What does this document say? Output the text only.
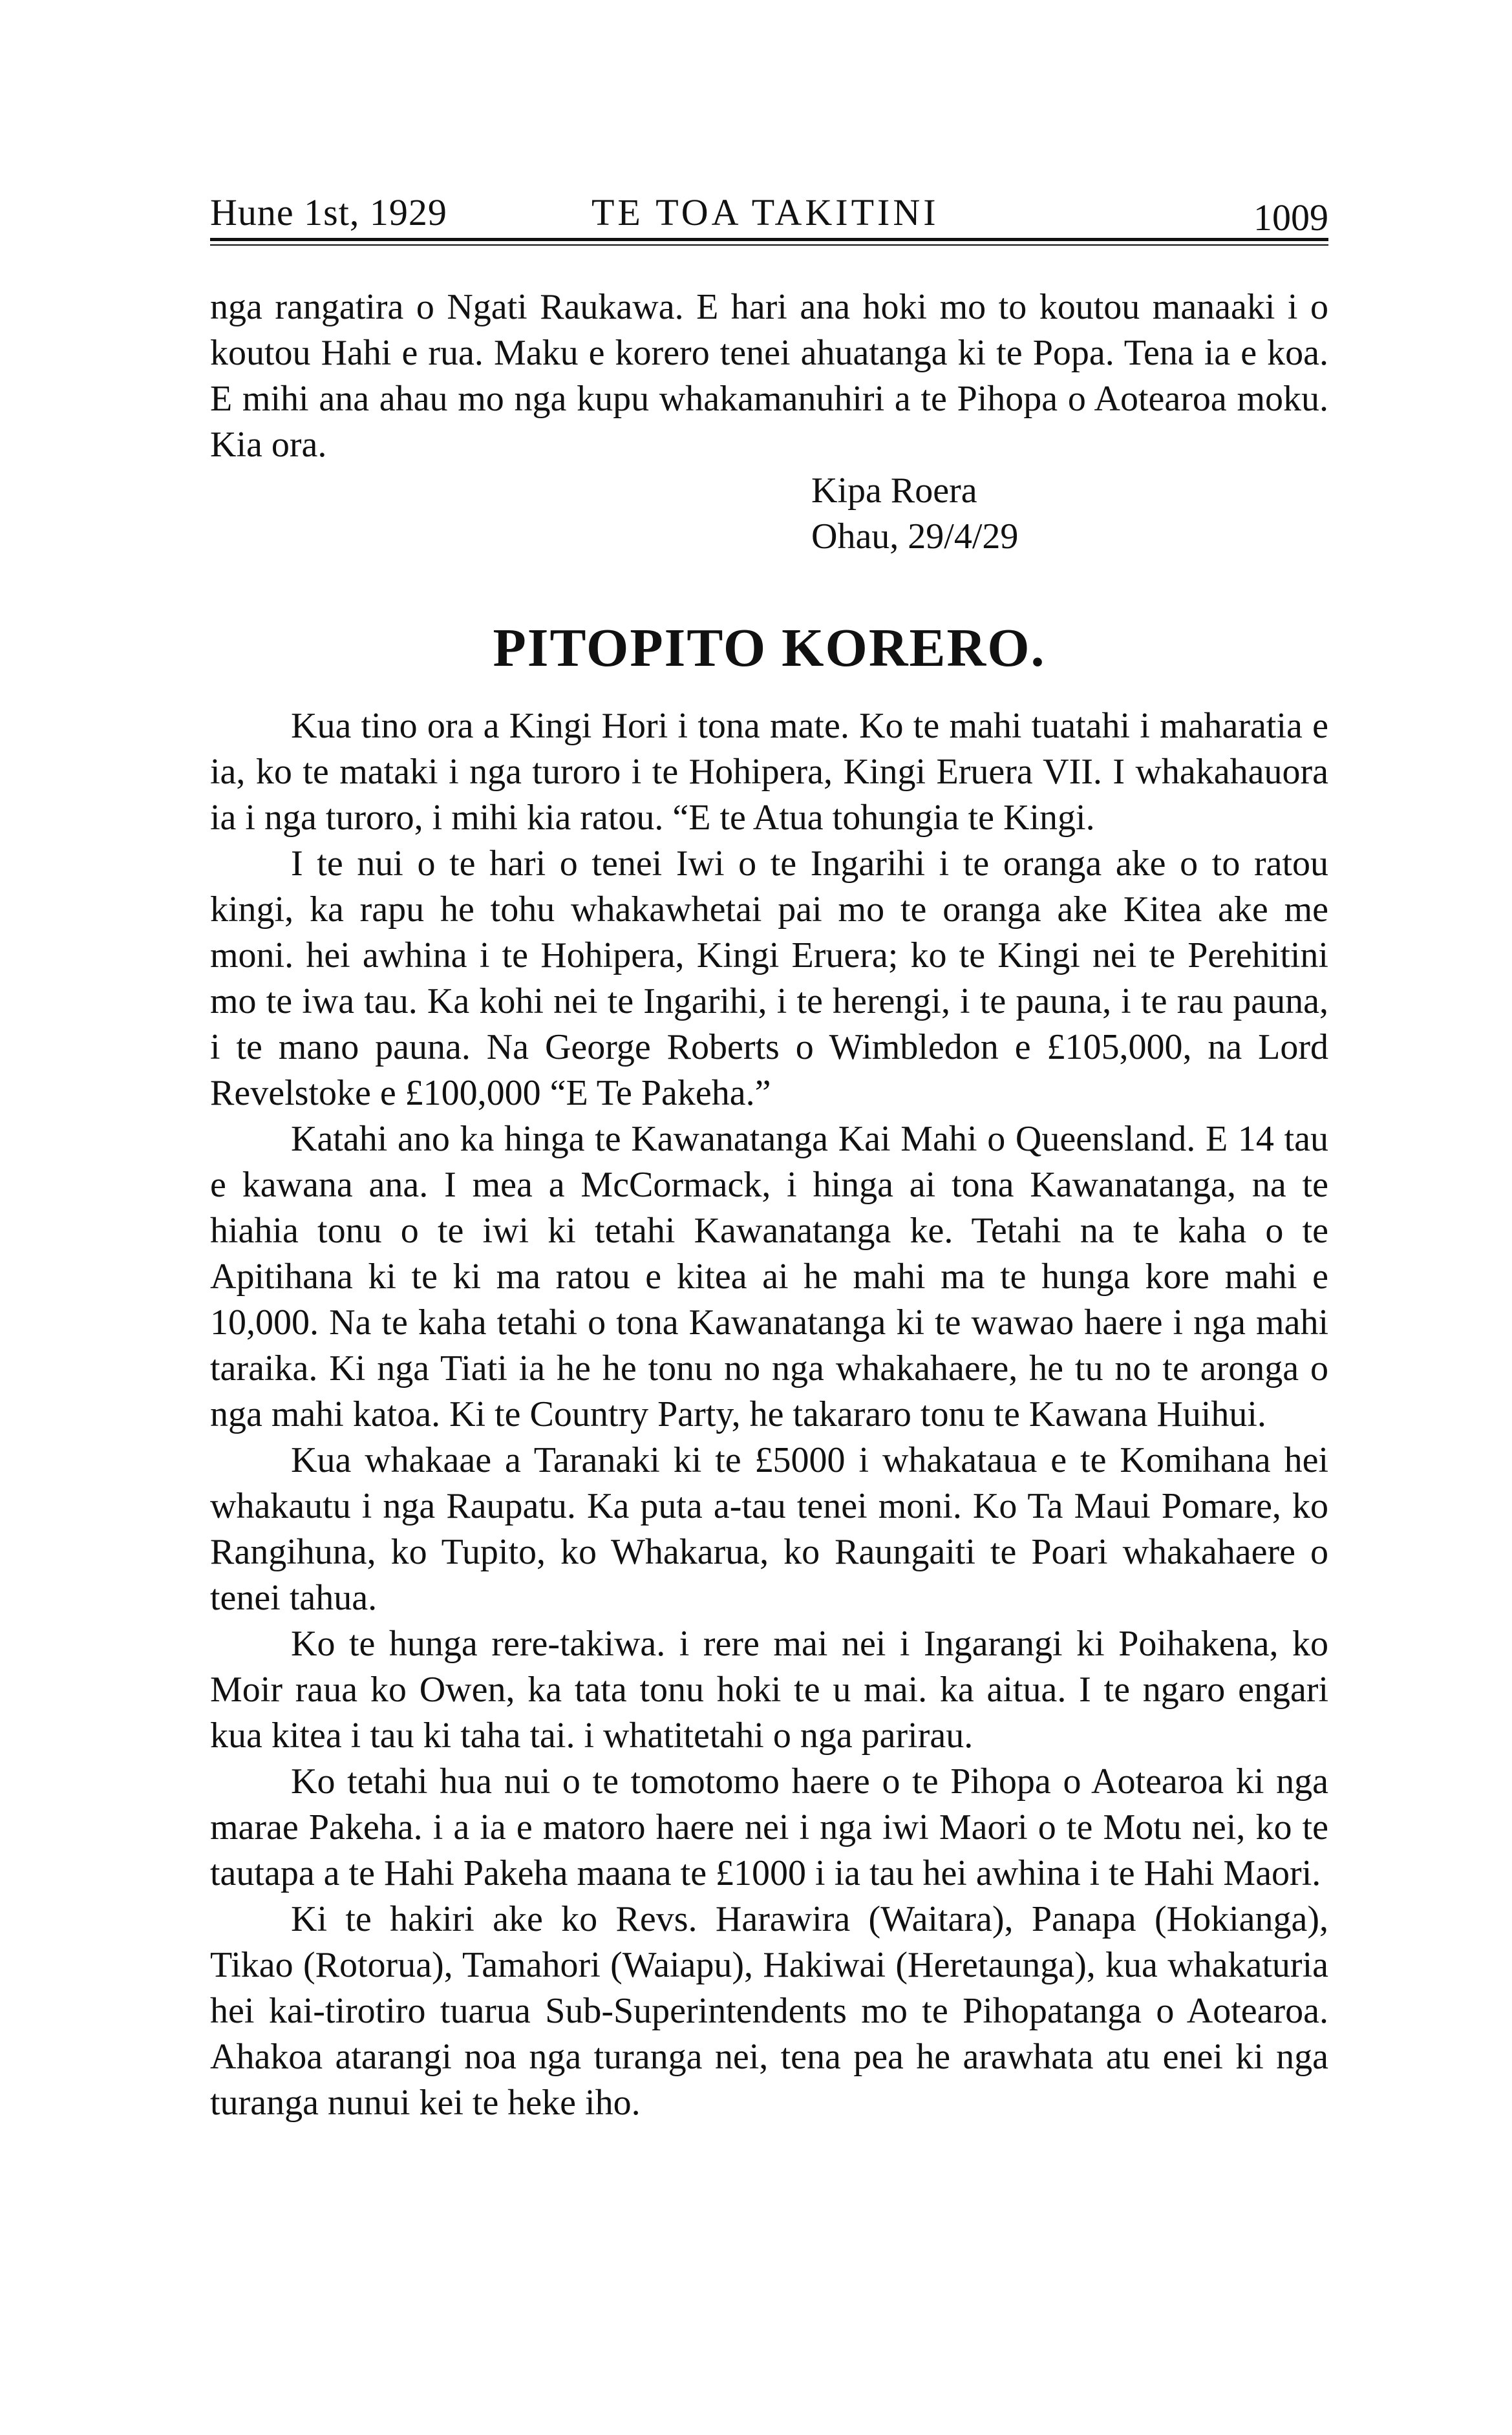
Hune 1st, 1929	TE TOA TAKITINI	1009

nga rangatira o Ngati Raukawa. E hari ana hoki mo to koutou manaaki i o koutou Hahi e rua. Maku e korero tenei ahuatanga ki te Popa. Tena ia e koa. E mihi ana ahau mo nga kupu whakamanuhiri a te Pihopa o Aotearoa moku. Kia ora.

Kipa Roera

Ohau, 29/4/29

PITOPITO KORERO.

Kua tino ora a Kingi Hori i tona mate. Ko te mahi tuatahi i maharatia e ia, ko te mataki i nga turoro i te Hohipera, Kingi Eruera VII. I whakahauora ia i nga turoro, i mihi kia ratou. “E te Atua tohungia te Kingi.

I te nui o te hari o tenei Iwi o te Ingarihi i te oranga ake o to ratou kingi, ka rapu he tohu whakawhetai pai mo te oranga ake Kitea ake me moni. hei awhina i te Hohipera, Kingi Eruera; ko te Kingi nei te Perehitini mo te iwa tau. Ka kohi nei te Ingarihi, i te herengi, i te pauna, i te rau pauna, i te mano pauna. Na George Roberts o Wimbledon e £105,000, na Lord Revelstoke e £100,000 “E Te Pakeha.”

Katahi ano ka hinga te Kawanatanga Kai Mahi o Queensland. E 14 tau e kawana ana. I mea a McCormack, i hinga ai tona Kawanatanga, na te hiahia tonu o te iwi ki tetahi Kawanatanga ke. Tetahi na te kaha o te Apitihana ki te ki ma ratou e kitea ai he mahi ma te hunga kore mahi e 10,000. Na te kaha tetahi o tona Kawanatanga ki te wawao haere i nga mahi taraika. Ki nga Tiati ia he he tonu no nga whakahaere, he tu no te aronga o nga mahi katoa. Ki te Country Party, he takararo tonu te Kawana Huihui.

Kua whakaae a Taranaki ki te £5000 i whakataua e te Komihana hei whakautu i nga Raupatu. Ka puta a-tau tenei moni. Ko Ta Maui Pomare, ko Rangihuna, ko Tupito, ko Whakarua, ko Raungaiti te Poari whakahaere o tenei tahua.

Ko te hunga rere-takiwa. i rere mai nei i Ingarangi ki Poihakena, ko Moir raua ko Owen, ka tata tonu hoki te u mai. ka aitua. I te ngaro engari kua kitea i tau ki taha tai. i whatitetahi o nga parirau.

Ko tetahi hua nui o te tomotomo haere o te Pihopa o Aotearoa ki nga marae Pakeha. i a ia e matoro haere nei i nga iwi Maori o te Motu nei, ko te tautapa a te Hahi Pakeha maana te £1000 i ia tau hei awhina i te Hahi Maori.

Ki te hakiri ake ko Revs. Harawira (Waitara), Panapa (Hokianga), Tikao (Rotorua), Tamahori (Waiapu), Hakiwai (Heretaunga), kua whakaturia hei kai-tirotiro tuarua Sub-Superintendents mo te Pihopatanga o Aotearoa. Ahakoa atarangi noa nga turanga nei, tena pea he arawhata atu enei ki nga turanga nunui kei te heke iho.
